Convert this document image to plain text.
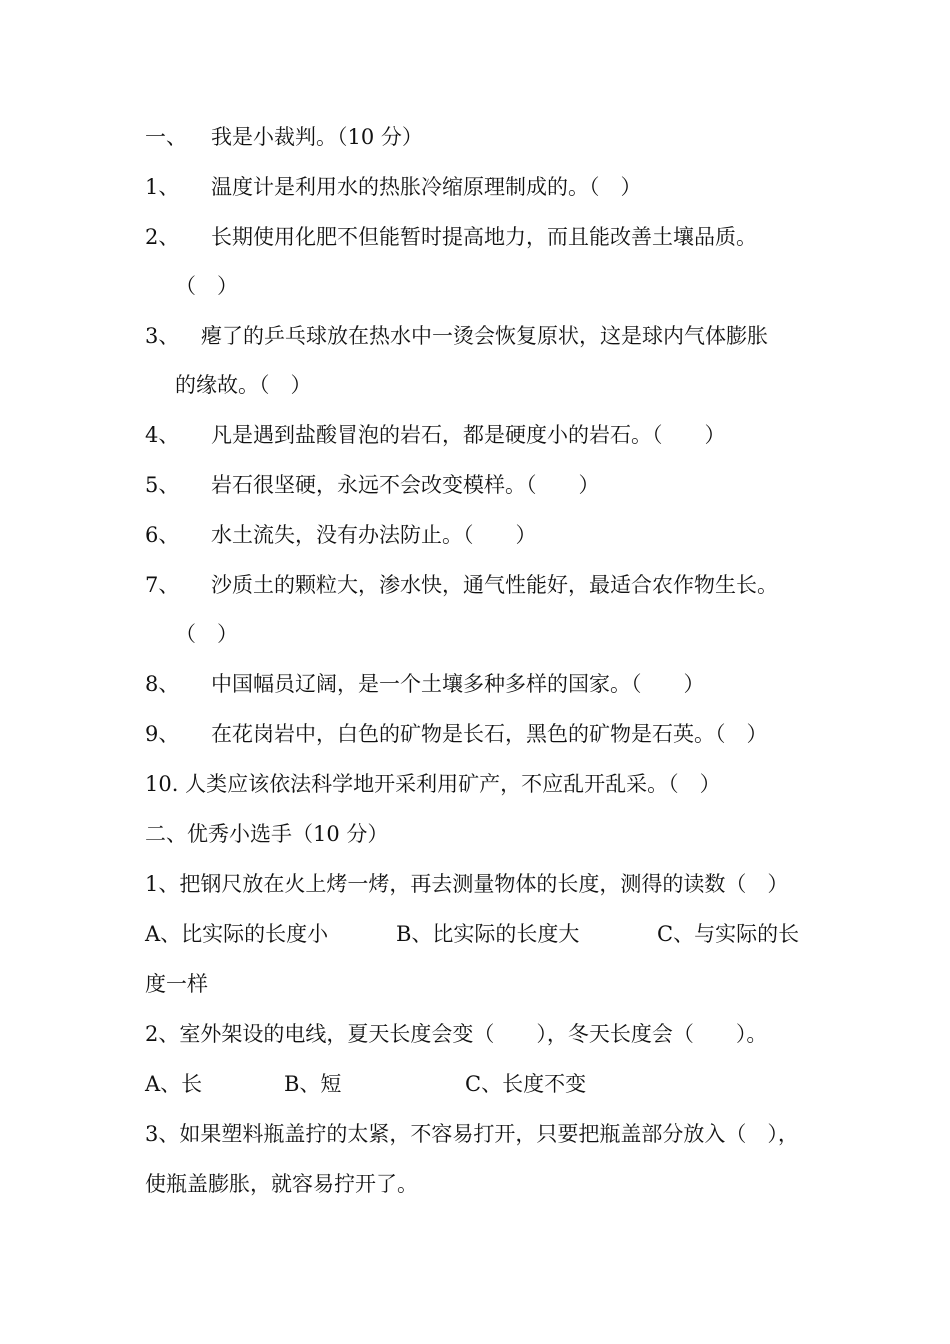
一、 我是小裁判。（10 分）
1、 温度计是利用水的热胀冷缩原理制成的。（　）
2、 长期使用化肥不但能暂时提高地力，而且能改善土壤品质。
（　）
3、 瘪了的乒乓球放在热水中一烫会恢复原状，这是球内气体膨胀
的缘故。（　）
4、 凡是遇到盐酸冒泡的岩石，都是硬度小的岩石。（　　）
5、 岩石很坚硬，永远不会改变模样。（　　）
6、 水土流失，没有办法防止。（　　）
7、 沙质土的颗粒大，渗水快，通气性能好，最适合农作物生长。
（　）
8、 中国幅员辽阔，是一个土壤多种多样的国家。（　　）
9、 在花岗岩中，白色的矿物是长石，黑色的矿物是石英。（　）
10. 人类应该依法科学地开采利用矿产，不应乱开乱采。（　）
二、优秀小选手（10 分）
1、把钢尺放在火上烤一烤，再去测量物体的长度，测得的读数（　）
A、比实际的长度小	B、比实际的长度大	C、与实际的长
度一样
2、室外架设的电线，夏天长度会变（　　），冬天长度会（　　）。
A、长	B、短	C、长度不变
3、如果塑料瓶盖拧的太紧，不容易打开，只要把瓶盖部分放入（　），
使瓶盖膨胀，就容易拧开了。
